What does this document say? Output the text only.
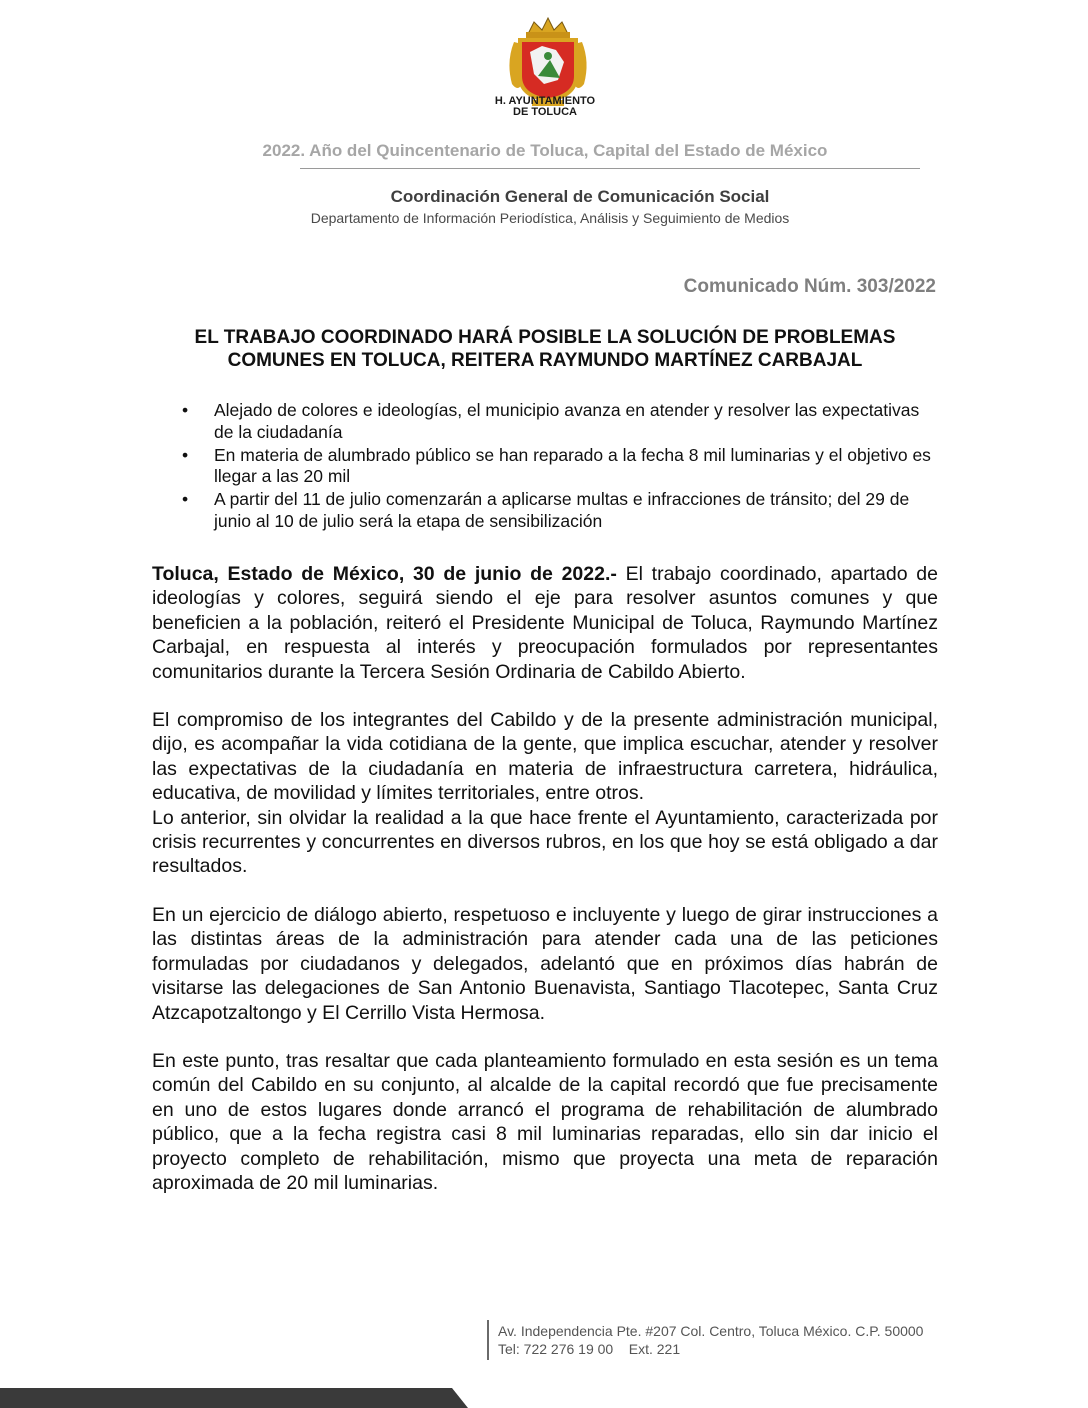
H. AYUNTAMIENTO
DE TOLUCA
2022. Año del Quincentenario de Toluca, Capital del Estado de México
Coordinación General de Comunicación Social
Departamento de Información Periodística, Análisis y Seguimiento de Medios
Comunicado Núm. 303/2022
EL TRABAJO COORDINADO HARÁ POSIBLE LA SOLUCIÓN DE PROBLEMAS COMUNES EN TOLUCA, REITERA RAYMUNDO MARTÍNEZ CARBAJAL
• Alejado de colores e ideologías, el municipio avanza en atender y resolver las expectativas de la ciudadanía
• En materia de alumbrado público se han reparado a la fecha 8 mil luminarias y el objetivo es llegar a las 20 mil
• A partir del 11 de julio comenzarán a aplicarse multas e infracciones de tránsito; del 29 de junio al 10 de julio será la etapa de sensibilización

Toluca, Estado de México, 30 de junio de 2022.- El trabajo coordinado, apartado de ideologías y colores, seguirá siendo el eje para resolver asuntos comunes y que beneficien a la población, reiteró el Presidente Municipal de Toluca, Raymundo Martínez Carbajal, en respuesta al interés y preocupación formulados por representantes comunitarios durante la Tercera Sesión Ordinaria de Cabildo Abierto.

El compromiso de los integrantes del Cabildo y de la presente administración municipal, dijo, es acompañar la vida cotidiana de la gente, que implica escuchar, atender y resolver las expectativas de la ciudadanía en materia de infraestructura carretera, hidráulica, educativa, de movilidad y límites territoriales, entre otros.

Lo anterior, sin olvidar la realidad a la que hace frente el Ayuntamiento, caracterizada por crisis recurrentes y concurrentes en diversos rubros, en los que hoy se está obligado a dar resultados.

En un ejercicio de diálogo abierto, respetuoso e incluyente y luego de girar instrucciones a las distintas áreas de la administración para atender cada una de las peticiones formuladas por ciudadanos y delegados, adelantó que en próximos días habrán de visitarse las delegaciones de San Antonio Buenavista, Santiago Tlacotepec, Santa Cruz Atzcapotzaltongo y El Cerrillo Vista Hermosa.

En este punto, tras resaltar que cada planteamiento formulado en esta sesión es un tema común del Cabildo en su conjunto, al alcalde de la capital recordó que fue precisamente en uno de estos lugares donde arrancó el programa de rehabilitación de alumbrado público, que a la fecha registra casi 8 mil luminarias reparadas, ello sin dar inicio el proyecto completo de rehabilitación, mismo que proyecta una meta de reparación aproximada de 20 mil luminarias.

Av. Independencia Pte. #207 Col. Centro, Toluca México. C.P. 50000
Tel: 722 276 19 00    Ext. 221
